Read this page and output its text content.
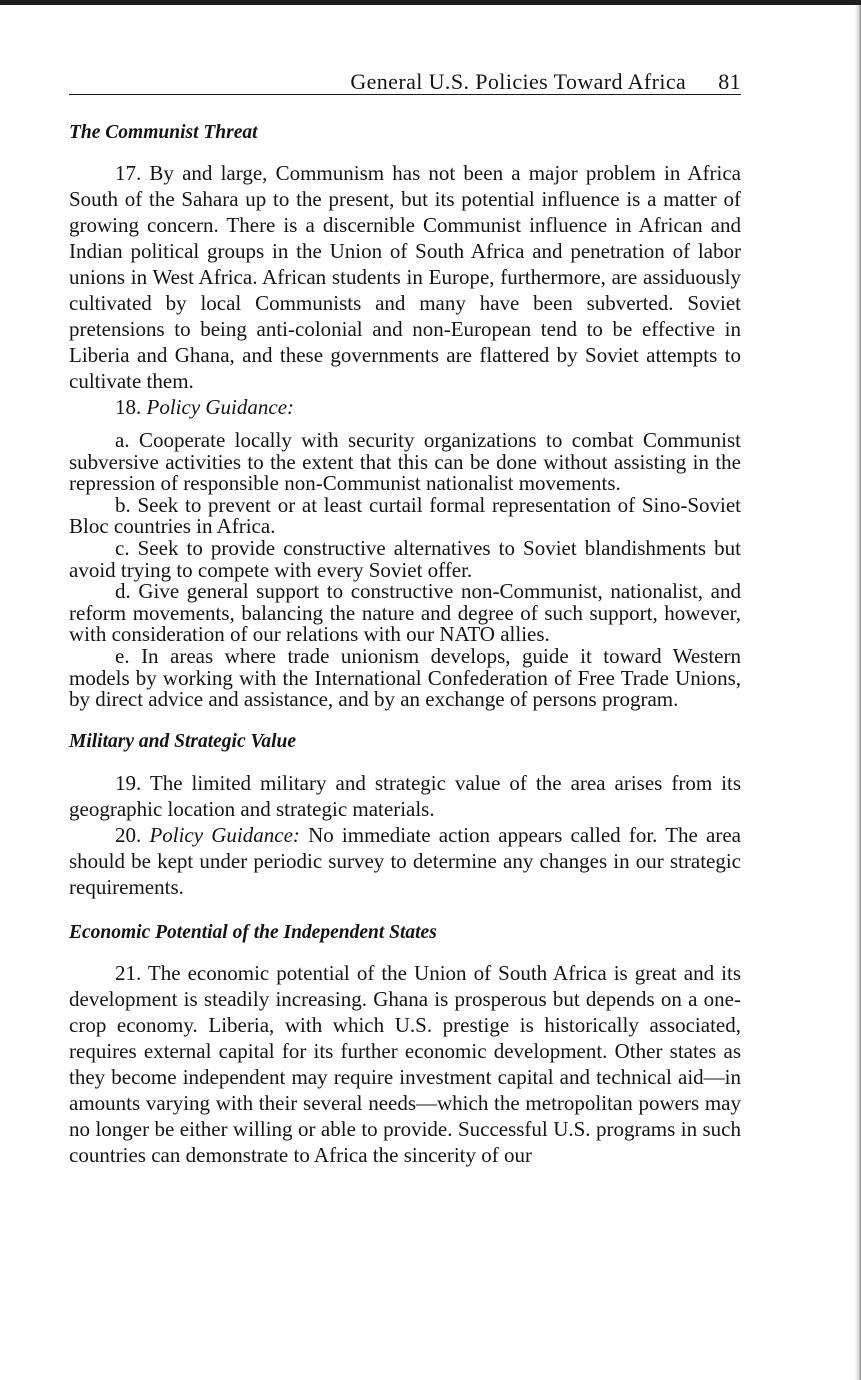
General U.S. Policies Toward Africa 81
The Communist Threat

17. By and large, Communism has not been a major problem in Africa South of the Sahara up to the present, but its potential influence is a matter of growing concern. There is a discernible Communist influence in African and Indian political groups in the Union of South Africa and penetration of labor unions in West Africa. African students in Europe, furthermore, are assiduously cultivated by local Communists and many have been subverted. Soviet pretensions to being anti-colonial and non-European tend to be effective in Liberia and Ghana, and these governments are flattered by Soviet attempts to cultivate them.

18. Policy Guidance:

a. Cooperate locally with security organizations to combat Communist subversive activities to the extent that this can be done without assisting in the repression of responsible non-Communist nationalist movements.

b. Seek to prevent or at least curtail formal representation of Sino-Soviet Bloc countries in Africa.

c. Seek to provide constructive alternatives to Soviet blandishments but avoid trying to compete with every Soviet offer.

d. Give general support to constructive non-Communist, nationalist, and reform movements, balancing the nature and degree of such support, however, with consideration of our relations with our NATO allies.

e. In areas where trade unionism develops, guide it toward Western models by working with the International Confederation of Free Trade Unions, by direct advice and assistance, and by an exchange of persons program.

Military and Strategic Value

19. The limited military and strategic value of the area arises from its geographic location and strategic materials.

20. Policy Guidance: No immediate action appears called for. The area should be kept under periodic survey to determine any changes in our strategic requirements.

Economic Potential of the Independent States

21. The economic potential of the Union of South Africa is great and its development is steadily increasing. Ghana is prosperous but depends on a one-crop economy. Liberia, with which U.S. prestige is historically associated, requires external capital for its further economic development. Other states as they become independent may require investment capital and technical aid—in amounts varying with their several needs—which the metropolitan powers may no longer be either willing or able to provide. Successful U.S. programs in such countries can demonstrate to Africa the sincerity of our
